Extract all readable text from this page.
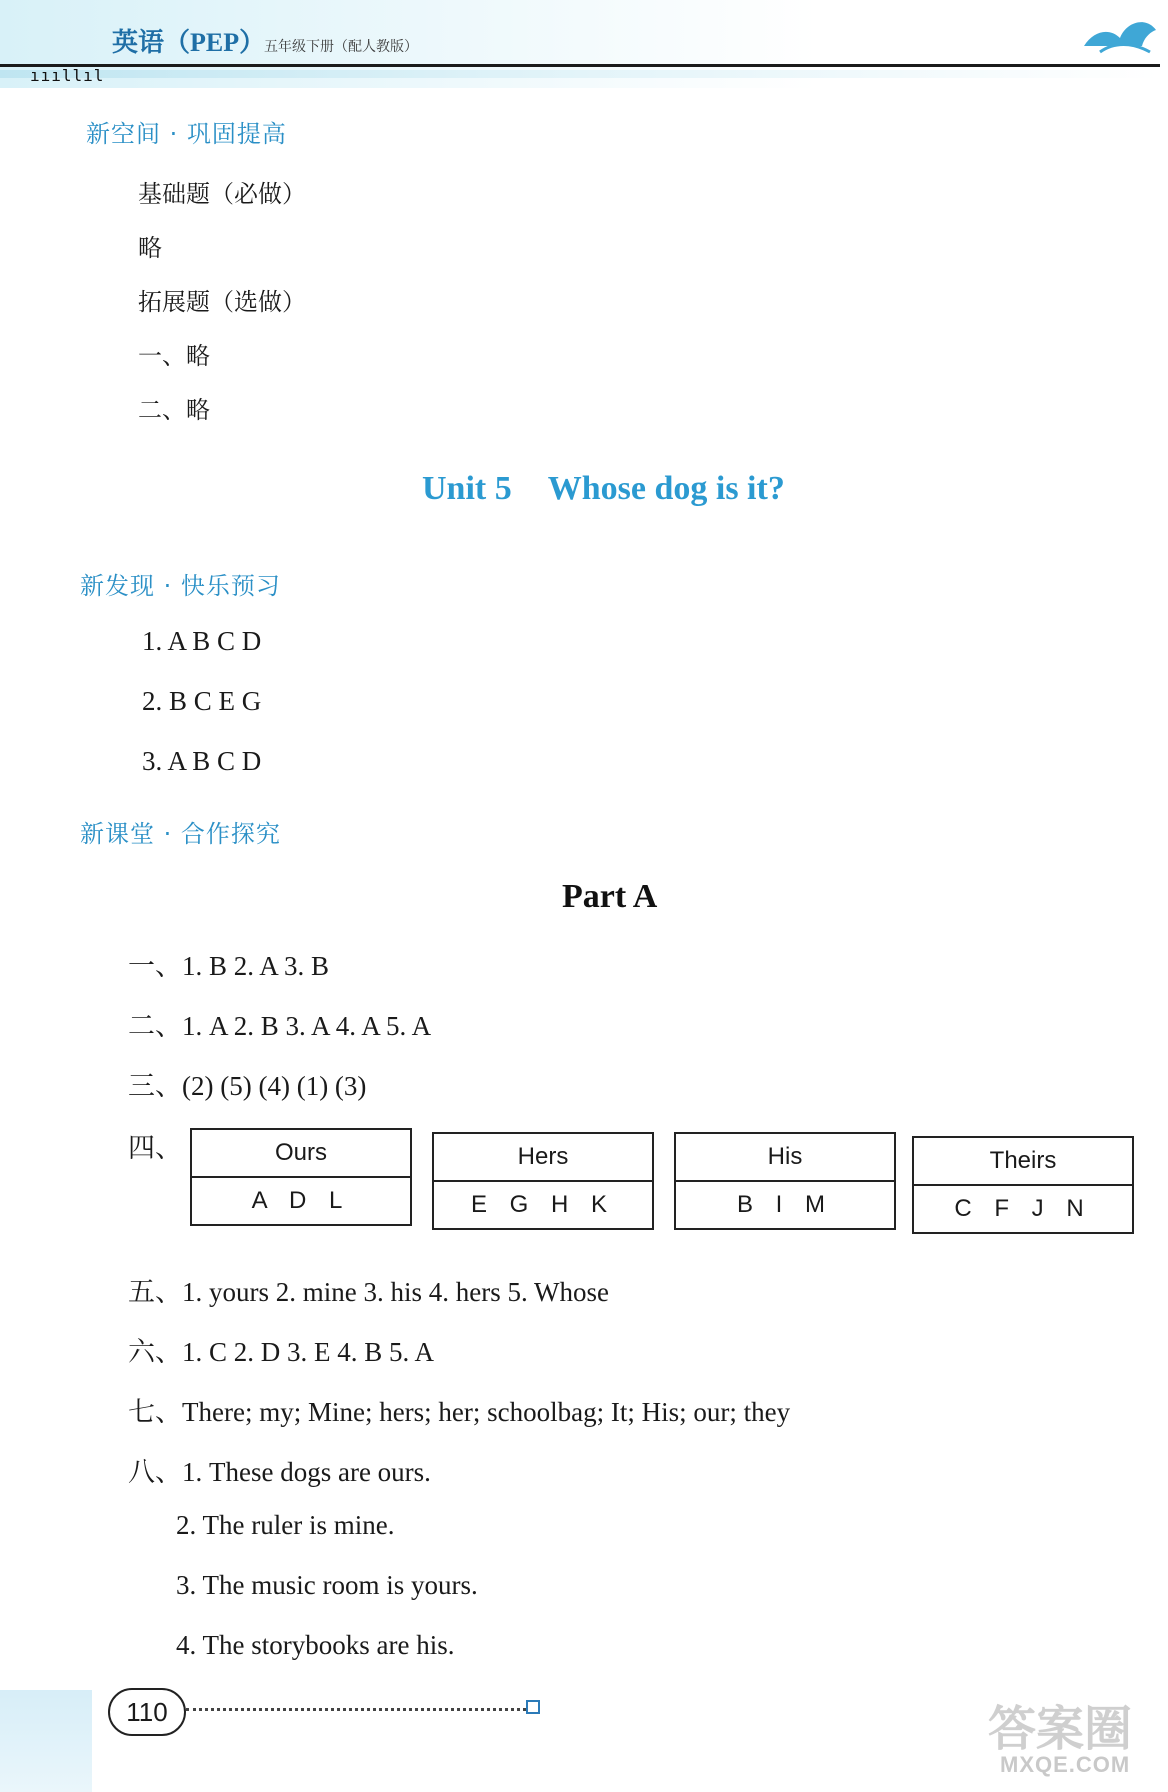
英语（PEP）
五年级下册（配人教版）
ıııllıl
新空间 · 巩固提高
基础题（必做）
略
拓展题（选做）
一、略
二、略
Unit 5 Whose dog is it?
新发现 · 快乐预习
1. A B C D
2. B C E G
3. A B C D
新课堂 · 合作探究
Part A
一、1. B 2. A 3. B
二、1. A 2. B 3. A 4. A 5. A
三、(2) (5) (4) (1) (3)
四、	Ours
A D L
Hers
E G H K
His
B I M
Theirs
C F J N
五、1. yours 2. mine 3. his 4. hers 5. Whose
六、1. C 2. D 3. E 4. B 5. A
七、There; my; Mine; hers; her; schoolbag; It; His; our; they
八、1. These dogs are ours.
2. The ruler is mine.
3. The music room is yours.
4. The storybooks are his.
110	答案圈
MXQE.COM
